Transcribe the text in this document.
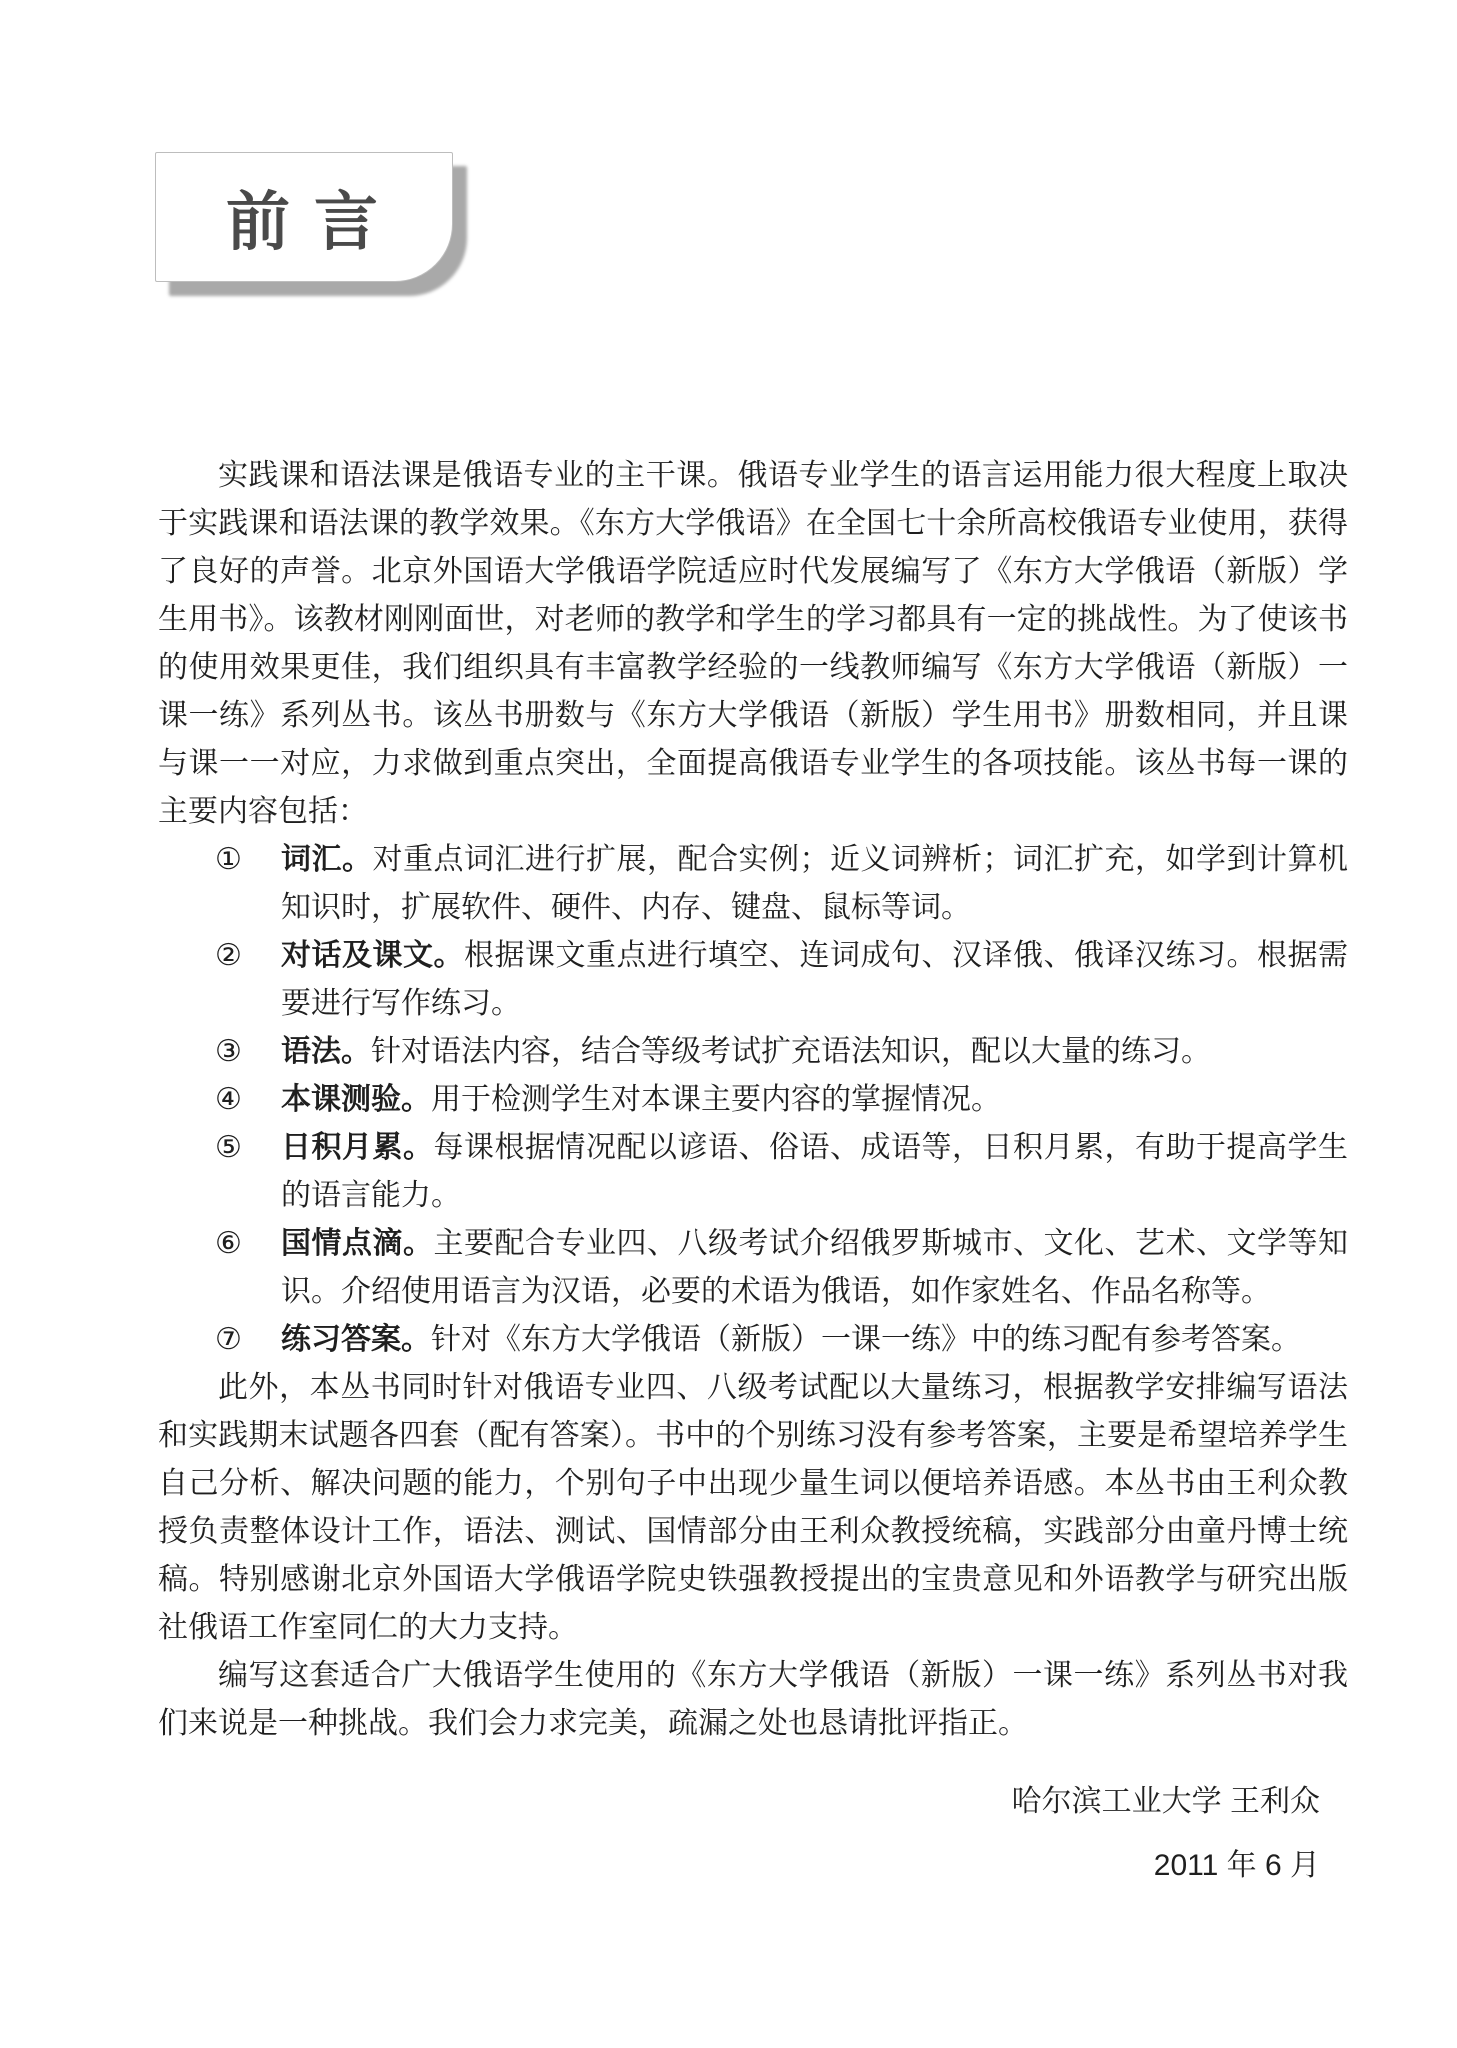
前 言

实践课和语法课是俄语专业的主干课。俄语专业学生的语言运用能力很大程度上取决于实践课和语法课的教学效果。《东方大学俄语》在全国七十余所高校俄语专业使用，获得了良好的声誉。北京外国语大学俄语学院适应时代发展编写了《东方大学俄语（新版）学生用书》。该教材刚刚面世，对老师的教学和学生的学习都具有一定的挑战性。为了使该书的使用效果更佳，我们组织具有丰富教学经验的一线教师编写《东方大学俄语（新版）一课一练》系列丛书。该丛书册数与《东方大学俄语（新版）学生用书》册数相同，并且课与课一一对应，力求做到重点突出，全面提高俄语专业学生的各项技能。该丛书每一课的主要内容包括：

① 词汇。对重点词汇进行扩展，配合实例；近义词辨析；词汇扩充，如学到计算机知识时，扩展软件、硬件、内存、键盘、鼠标等词。
② 对话及课文。根据课文重点进行填空、连词成句、汉译俄、俄译汉练习。根据需要进行写作练习。
③ 语法。针对语法内容，结合等级考试扩充语法知识，配以大量的练习。
④ 本课测验。用于检测学生对本课主要内容的掌握情况。
⑤ 日积月累。每课根据情况配以谚语、俗语、成语等，日积月累，有助于提高学生的语言能力。
⑥ 国情点滴。主要配合专业四、八级考试介绍俄罗斯城市、文化、艺术、文学等知识。介绍使用语言为汉语，必要的术语为俄语，如作家姓名、作品名称等。
⑦ 练习答案。针对《东方大学俄语（新版）一课一练》中的练习配有参考答案。

此外，本丛书同时针对俄语专业四、八级考试配以大量练习，根据教学安排编写语法和实践期末试题各四套（配有答案）。书中的个别练习没有参考答案，主要是希望培养学生自己分析、解决问题的能力，个别句子中出现少量生词以便培养语感。本丛书由王利众教授负责整体设计工作，语法、测试、国情部分由王利众教授统稿，实践部分由童丹博士统稿。特别感谢北京外国语大学俄语学院史铁强教授提出的宝贵意见和外语教学与研究出版社俄语工作室同仁的大力支持。

编写这套适合广大俄语学生使用的《东方大学俄语（新版）一课一练》系列丛书对我们来说是一种挑战。我们会力求完美，疏漏之处也恳请批评指正。

哈尔滨工业大学 王利众
2011 年 6 月
